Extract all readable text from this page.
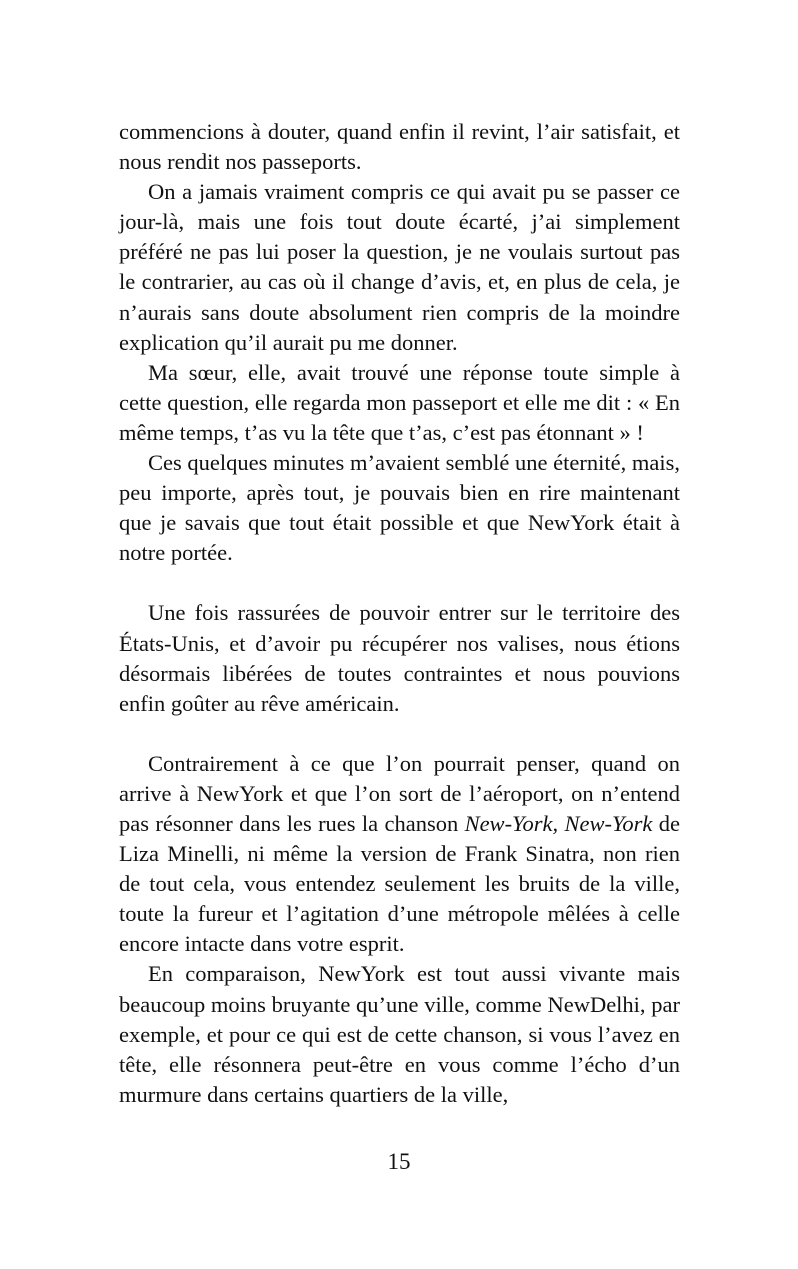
commencions à douter, quand enfin il revint, l’air satisfait, et nous rendit nos passeports.

On a jamais vraiment compris ce qui avait pu se passer ce jour-là, mais une fois tout doute écarté, j’ai simplement préféré ne pas lui poser la question, je ne voulais surtout pas le contrarier, au cas où il change d’avis, et, en plus de cela, je n’aurais sans doute absolument rien compris de la moindre explication qu’il aurait pu me donner.

Ma sœur, elle, avait trouvé une réponse toute simple à cette question, elle regarda mon passeport et elle me dit : « En même temps, t’as vu la tête que t’as, c’est pas étonnant » !

Ces quelques minutes m’avaient semblé une éternité, mais, peu importe, après tout, je pouvais bien en rire maintenant que je savais que tout était possible et que NewYork était à notre portée.

Une fois rassurées de pouvoir entrer sur le territoire des États-Unis, et d’avoir pu récupérer nos valises, nous étions désormais libérées de toutes contraintes et nous pouvions enfin goûter au rêve américain.

Contrairement à ce que l’on pourrait penser, quand on arrive à NewYork et que l’on sort de l’aéroport, on n’entend pas résonner dans les rues la chanson New-York, New-York de Liza Minelli, ni même la version de Frank Sinatra, non rien de tout cela, vous entendez seulement les bruits de la ville, toute la fureur et l’agitation d’une métropole mêlées à celle encore intacte dans votre esprit.

En comparaison, NewYork est tout aussi vivante mais beaucoup moins bruyante qu’une ville, comme NewDelhi, par exemple, et pour ce qui est de cette chanson, si vous l’avez en tête, elle résonnera peut-être en vous comme l’écho d’un murmure dans certains quartiers de la ville,

15
